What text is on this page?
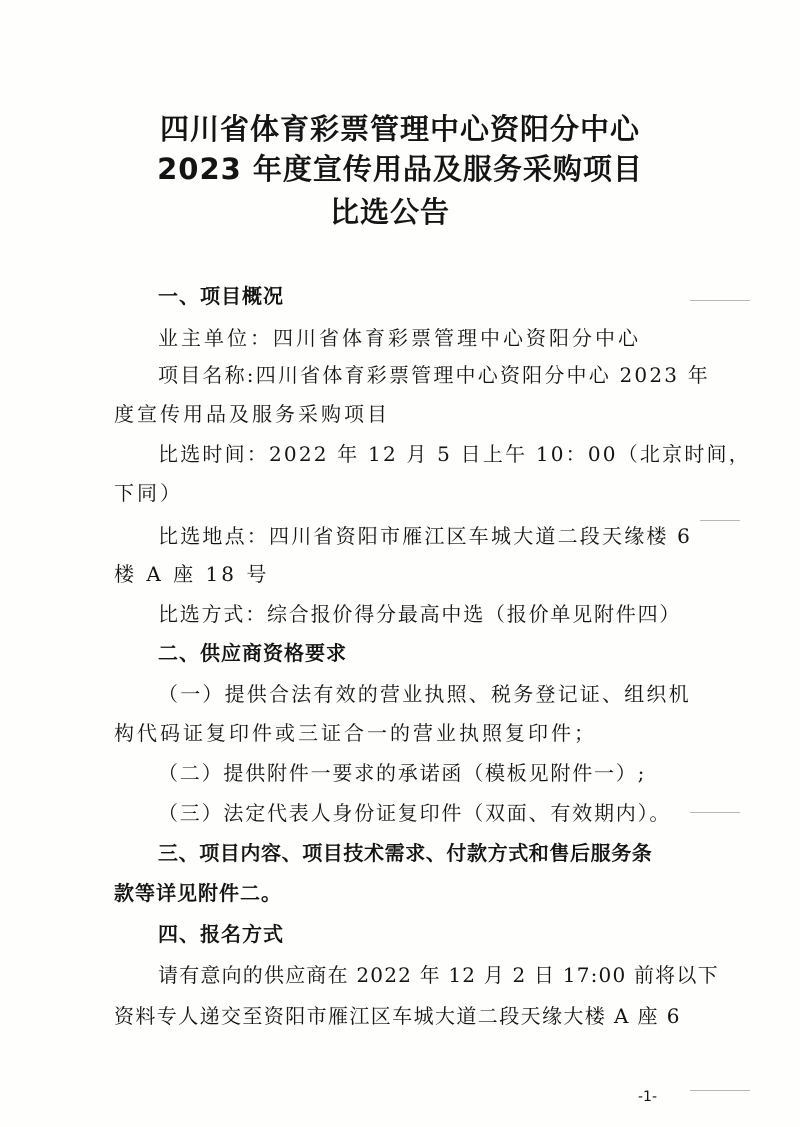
四川省体育彩票管理中心资阳分中心
2023 年度宣传用品及服务采购项目
比选公告
一、项目概况
业主单位：四川省体育彩票管理中心资阳分中心
项目名称:四川省体育彩票管理中心资阳分中心 2023 年
度宣传用品及服务采购项目
比选时间：2022 年 12 月 5 日上午 10：00（北京时间，
下同）
比选地点：四川省资阳市雁江区车城大道二段天缘楼 6
楼 A 座 18 号
比选方式：综合报价得分最高中选（报价单见附件四）
二、供应商资格要求
（一）提供合法有效的营业执照、税务登记证、组织机
构代码证复印件或三证合一的营业执照复印件；
（二）提供附件一要求的承诺函（模板见附件一）;
（三）法定代表人身份证复印件（双面、有效期内）。
三、项目内容、项目技术需求、付款方式和售后服务条
款等详见附件二。
四、报名方式
请有意向的供应商在 2022 年 12 月 2 日 17:00 前将以下
资料专人递交至资阳市雁江区车城大道二段天缘大楼 A 座 6
-1-
